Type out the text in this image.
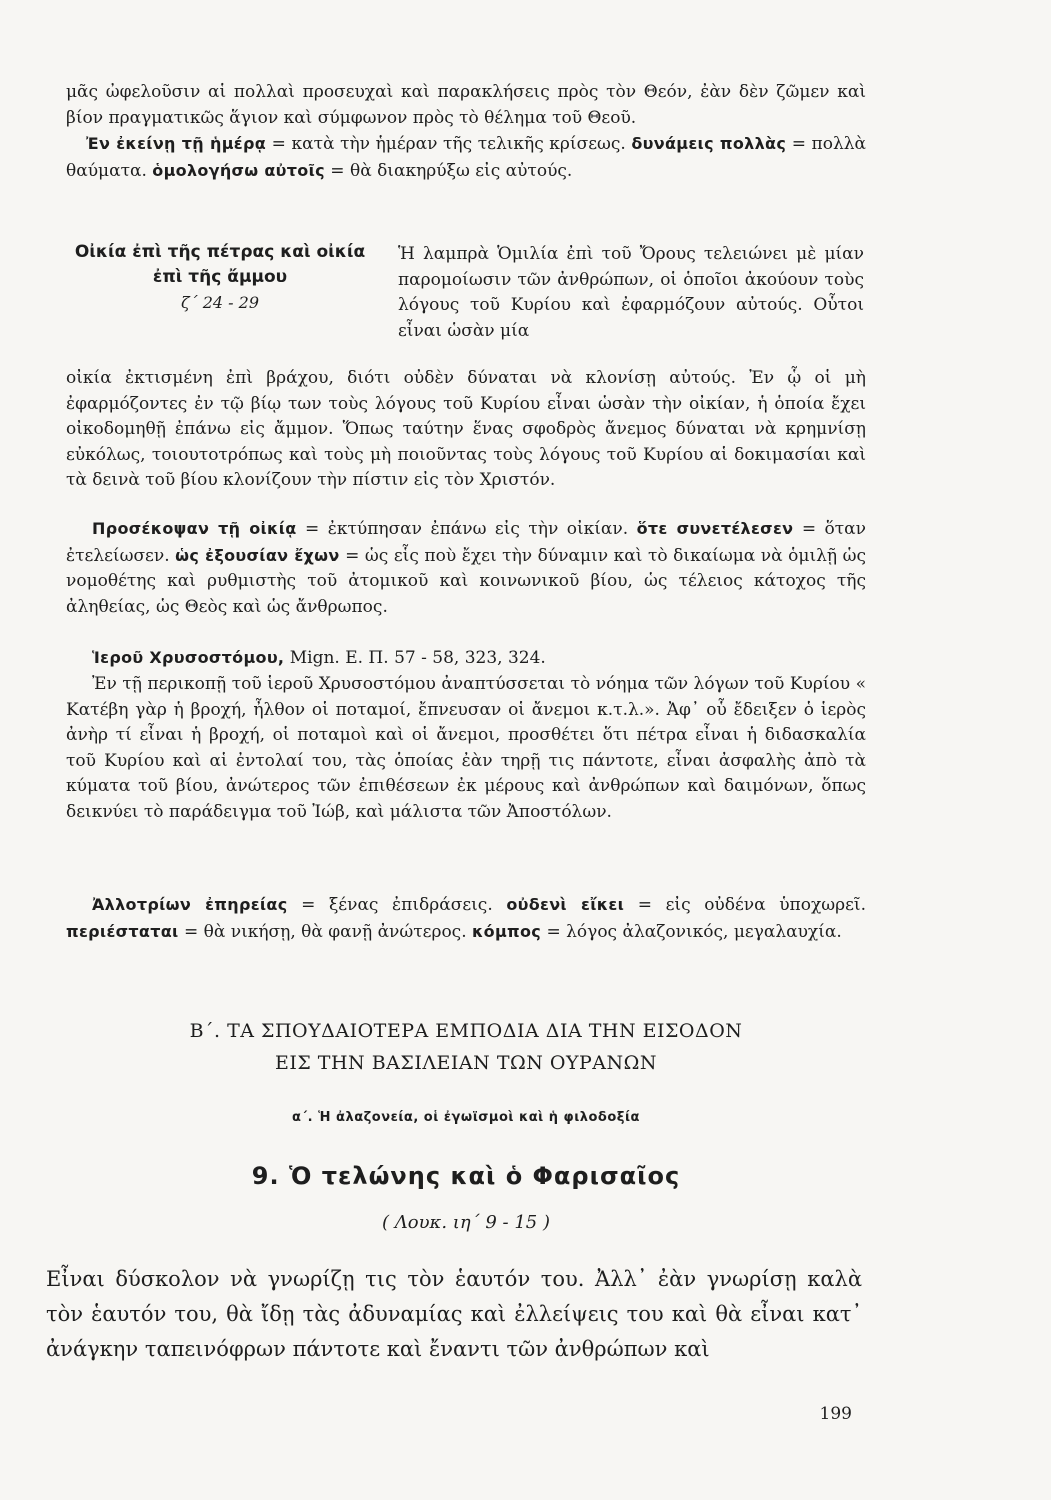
μᾶς ὠφελοῦσιν αἱ πολλαὶ προσευχαὶ καὶ παρακλήσεις πρὸς τὸν Θεόν, ἐὰν δὲν ζῶμεν καὶ βίον πραγματικῶς ἅγιον καὶ σύμφωνον πρὸς τὸ θέλημα τοῦ Θεοῦ.
Ἐν ἐκείνῃ τῇ ἡμέρᾳ = κατὰ τὴν ἡμέραν τῆς τελικῆς κρίσεως. δυνάμεις πολλὰς = πολλὰ θαύματα. ὁμολογήσω αὐτοῖς = θὰ διακηρύξω εἰς αὐτούς.
Οἰκία ἐπὶ τῆς πέτρας καὶ οἰκία
ἐπὶ τῆς ἄμμου
ζ΄ 24 - 29
Ἡ λαμπρὰ Ὁμιλία ἐπὶ τοῦ Ὄρους τελειώνει μὲ μίαν παρομοίωσιν τῶν ἀνθρώπων, οἱ ὁποῖοι ἀκούουν τοὺς λόγους τοῦ Κυρίου καὶ ἐφαρμόζουν αὐτούς. Οὗτοι εἶναι ὡσὰν μία
οἰκία ἐκτισμένη ἐπὶ βράχου, διότι οὐδὲν δύναται νὰ κλονίσῃ αὐτούς. Ἐν ᾧ οἱ μὴ ἐφαρμόζοντες ἐν τῷ βίῳ των τοὺς λόγους τοῦ Κυρίου εἶναι ὡσὰν τὴν οἰκίαν, ἡ ὁποία ἔχει οἰκοδομηθῇ ἐπάνω εἰς ἄμμον. Ὅπως ταύτην ἕνας σφοδρὸς ἄνεμος δύναται νὰ κρημνίσῃ εὐκόλως, τοιουτοτρόπως καὶ τοὺς μὴ ποιοῦντας τοὺς λόγους τοῦ Κυρίου αἱ δοκιμασίαι καὶ τὰ δεινὰ τοῦ βίου κλονίζουν τὴν πίστιν εἰς τὸν Χριστόν.
Προσέκοψαν τῇ οἰκίᾳ = ἐκτύπησαν ἐπάνω εἰς τὴν οἰκίαν. ὅτε συνετέλεσεν = ὅταν ἐτελείωσεν. ὡς ἐξουσίαν ἔχων = ὡς εἷς ποὺ ἔχει τὴν δύναμιν καὶ τὸ δικαίωμα νὰ ὁμιλῇ ὡς νομοθέτης καὶ ρυθμιστὴς τοῦ ἀτομικοῦ καὶ κοινωνικοῦ βίου, ὡς τέλειος κάτοχος τῆς ἀληθείας, ὡς Θεὸς καὶ ὡς ἄνθρωπος.
Ἱεροῦ Χρυσοστόμου, Mign. E. Π. 57 - 58, 323, 324.
Ἐν τῇ περικοπῇ τοῦ ἱεροῦ Χρυσοστόμου ἀναπτύσσεται τὸ νόημα τῶν λόγων τοῦ Κυρίου « Κατέβη γὰρ ἡ βροχή, ἦλθον οἱ ποταμοί, ἔπνευσαν οἱ ἄνεμοι κ.τ.λ.». Ἀφ᾿ οὗ ἔδειξεν ὁ ἱερὸς ἀνὴρ τί εἶναι ἡ βροχή, οἱ ποταμοὶ καὶ οἱ ἄνεμοι, προσθέτει ὅτι πέτρα εἶναι ἡ διδασκαλία τοῦ Κυρίου καὶ αἱ ἐντολαί του, τὰς ὁποίας ἐὰν τηρῇ τις πάντοτε, εἶναι ἀσφαλὴς ἀπὸ τὰ κύματα τοῦ βίου, ἀνώτερος τῶν ἐπιθέσεων ἐκ μέρους καὶ ἀνθρώπων καὶ δαιμόνων, ὅπως δεικνύει τὸ παράδειγμα τοῦ Ἰώβ, καὶ μάλιστα τῶν Ἀποστόλων.
Ἀλλοτρίων ἐπηρείας = ξένας ἐπιδράσεις. οὐδενὶ εἴκει = εἰς οὐδένα ὑποχωρεῖ. περιέσταται = θὰ νικήσῃ, θὰ φανῇ ἀνώτερος. κόμπος = λόγος ἀλαζονικός, μεγαλαυχία.
Β΄. ΤΑ ΣΠΟΥΔΑΙΟΤΕΡΑ ΕΜΠΟΔΙΑ ΔΙΑ ΤΗΝ ΕΙΣΟΔΟΝ
ΕΙΣ ΤΗΝ ΒΑΣΙΛΕΙΑΝ ΤΩΝ ΟΥΡΑΝΩΝ
α΄. Ἡ ἀλαζονεία, οἱ ἐγωϊσμοὶ καὶ ἡ φιλοδοξία
9. Ὁ τελώνης καὶ ὁ Φαρισαῖος
( Λουκ. ιη΄ 9 - 15 )
Εἶναι δύσκολον νὰ γνωρίζῃ τις τὸν ἑαυτόν του. Ἀλλ᾿ ἐὰν γνωρίσῃ καλὰ τὸν ἑαυτόν του, θὰ ἴδῃ τὰς ἀδυναμίας καὶ ἐλλείψεις του καὶ θὰ εἶναι κατ᾿ ἀνάγκην ταπεινόφρων πάντοτε καὶ ἔναντι τῶν ἀνθρώπων καὶ
199
